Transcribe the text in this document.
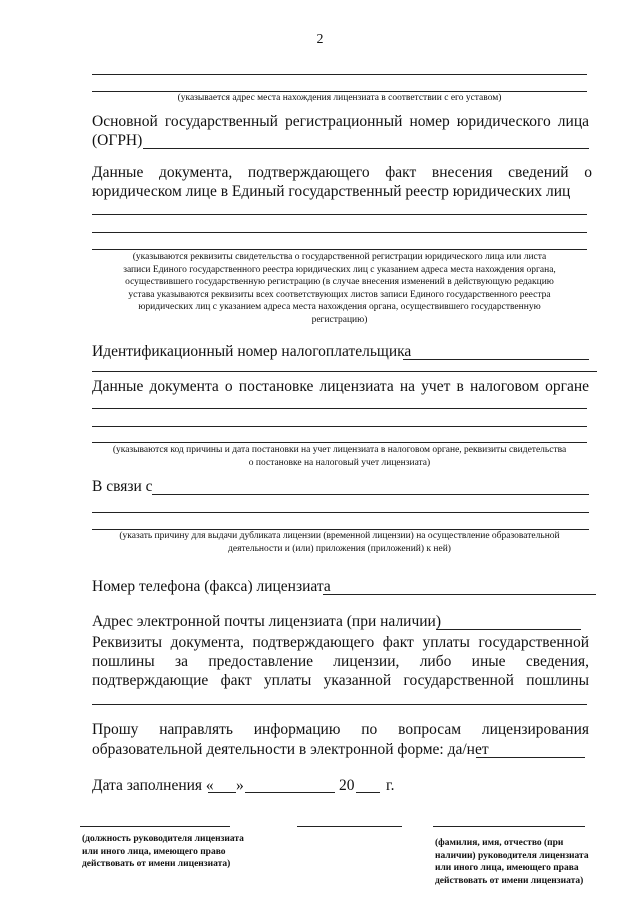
2
(указывается адрес места нахождения лицензиата в соответствии с его уставом)
Основной государственный регистрационный номер юридического лица
(ОГРН)
Данные документа, подтверждающего факт внесения сведений о
юридическом лице в Единый государственный реестр юридических лиц
(указываются реквизиты свидетельства о государственной регистрации юридического лица или листа
записи Единого государственного реестра юридических лиц с указанием адреса места нахождения органа,
осуществившего государственную регистрацию (в случае внесения изменений в действующую редакцию
устава указываются реквизиты всех соответствующих листов записи Единого государственного реестра
юридических лиц с указанием адреса места нахождения органа, осуществившего государственную
регистрацию)
Идентификационный номер налогоплательщика
Данные документа о постановке лицензиата на учет в налоговом органе
(указываются код причины и дата постановки на учет лицензиата в налоговом органе, реквизиты свидетельства
о постановке на налоговый учет лицензиата)
В связи с
(указать причину для выдачи дубликата лицензии (временной лицензии) на осуществление образовательной
деятельности и (или) приложения (приложений) к ней)
Номер телефона (факса) лицензиата
Адрес электронной почты лицензиата (при наличии)
Реквизиты документа, подтверждающего факт уплаты государственной
пошлины за предоставление лицензии, либо иные сведения,
подтверждающие факт уплаты указанной государственной пошлины
Прошу направлять информацию по вопросам лицензирования
образовательной деятельности в электронной форме: да/нет
Дата заполнения « »	20 г.
(должность руководителя лицензиата
или иного лица, имеющего право
действовать от имени лицензиата)
(фамилия, имя, отчество (при
наличии) руководителя лицензиата
или иного лица, имеющего права
действовать от имени лицензиата)
